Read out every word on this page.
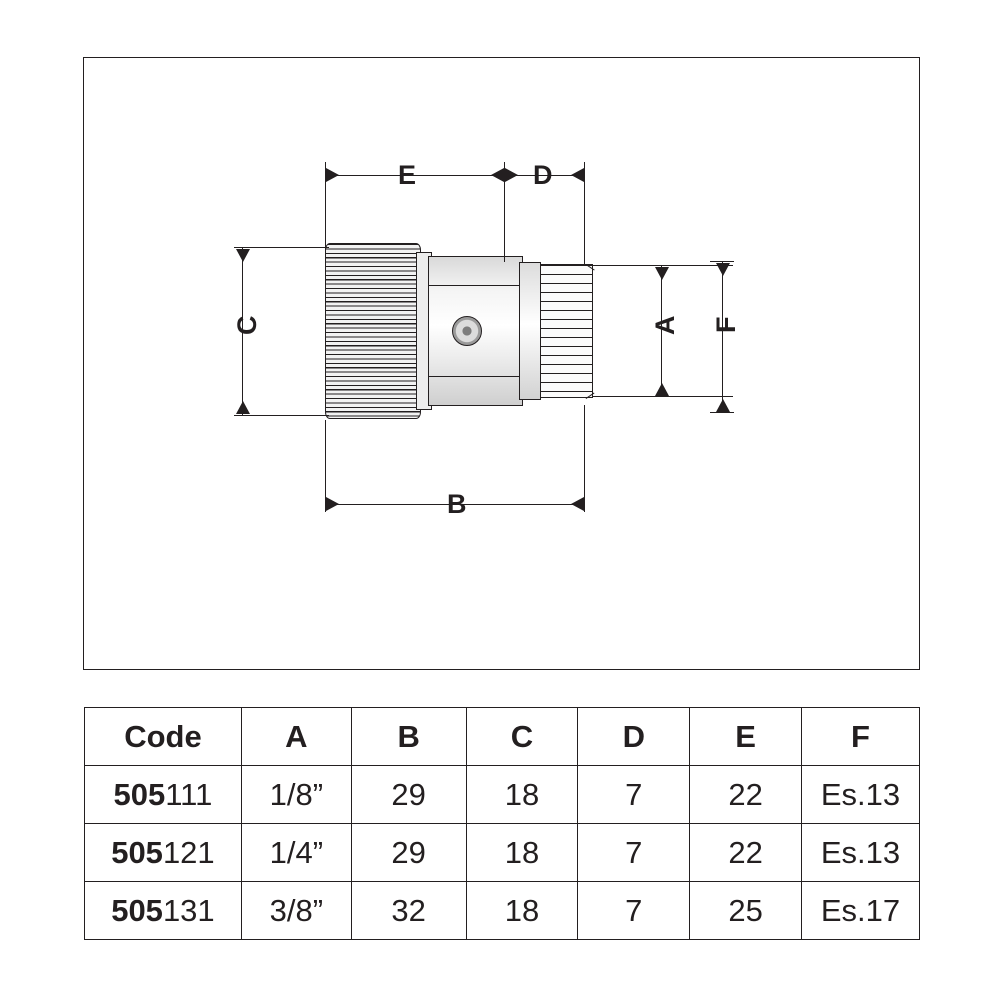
E	D
C	A F
B
Code	A	B	C	D	E	F
505111	1/8”	29	18	7	22	Es.13
505121	1/4”	29	18	7	22	Es.13
505131	3/8”	32	18	7	25	Es.17
